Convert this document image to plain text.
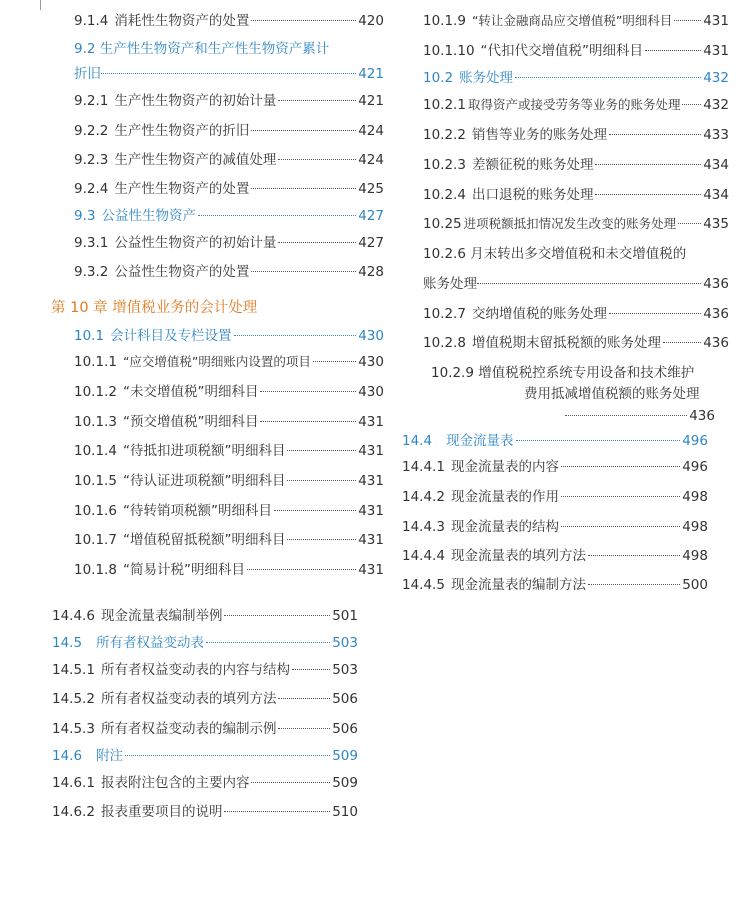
9.1.4 消耗性生物资产的处置	420
9.2 生产性生物资产和生产性生物资产累计
折旧	421
9.2.1 生产性生物资产的初始计量	421
9.2.2 生产性生物资产的折旧	424
9.2.3 生产性生物资产的减值处理	424
9.2.4 生产性生物资产的处置	425
9.3 公益性生物资产	427
9.3.1 公益性生物资产的初始计量	427
9.3.2 公益性生物资产的处置	428
第 10 章 增值税业务的会计处理
10.1 会计科目及专栏设置	430
10.1.1 “应交增值税”明细账内设置的项目	430
10.1.2 “未交增值税”明细科目	430
10.1.3 “预交增值税”明细科目	431
10.1.4 “待抵扣进项税额”明细科目	431
10.1.5 “待认证进项税额”明细科目	431
10.1.6 “待转销项税额”明细科目	431
10.1.7 “增值税留抵税额”明细科目	431
10.1.8 “简易计税”明细科目	431
10.1.9 “转让金融商品应交增值税”明细科目 431
10.1.10 “代扣代交增值税”明细科目	431
10.2 账务处理	432
10.2.1 取得资产或接受劳务等业务的账务处理 432
10.2.2 销售等业务的账务处理	433
10.2.3 差额征税的账务处理	434
10.2.4 出口退税的账务处理	434
10.25 进项税额抵扣情况发生改变的账务处理 435
10.2.6 月末转出多交增值税和未交增值税的
账务处理	436
10.2.7 交纳增值税的账务处理	436
10.2.8 增值税期末留抵税额的账务处理	436
10.2.9 增值税税控系统专用设备和技术维护
费用抵减增值税额的账务处理
436
14.4 现金流量表	496
14.4.1 现金流量表的内容	496
14.4.2 现金流量表的作用	498
14.4.3 现金流量表的结构	498
14.4.4 现金流量表的填列方法	498
14.4.5 现金流量表的编制方法	500
14.4.6 现金流量表编制举例	501
14.5 所有者权益变动表	503
14.5.1 所有者权益变动表的内容与结构	503
14.5.2 所有者权益变动表的填列方法	506
14.5.3 所有者权益变动表的编制示例	506
14.6 附注	509
14.6.1 报表附注包含的主要内容	509
14.6.2 报表重要项目的说明	510
